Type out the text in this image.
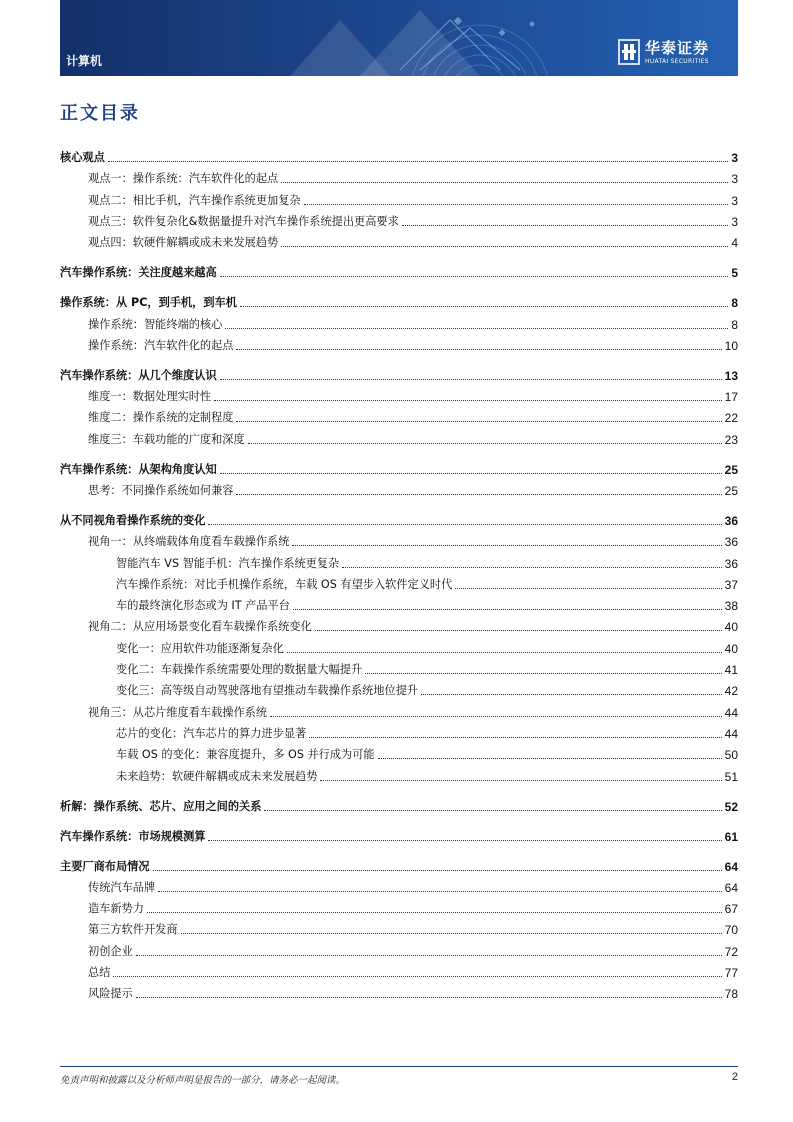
计算机
华泰证券
HUATAI SECURITIES
正文目录
核心观点	3
观点一：操作系统：汽车软件化的起点	3
观点二：相比手机，汽车操作系统更加复杂	3
观点三：软件复杂化&数据量提升对汽车操作系统提出更高要求	3
观点四：软硬件解耦或成未来发展趋势	4
汽车操作系统：关注度越来越高	5
操作系统：从 PC，到手机，到车机	8
操作系统：智能终端的核心	8
操作系统：汽车软件化的起点	10
汽车操作系统：从几个维度认识	13
维度一：数据处理实时性	17
维度二：操作系统的定制程度	22
维度三：车载功能的广度和深度	23
汽车操作系统：从架构角度认知	25
思考：不同操作系统如何兼容	25
从不同视角看操作系统的变化	36
视角一：从终端载体角度看车载操作系统	36
智能汽车 VS 智能手机：汽车操作系统更复杂	36
汽车操作系统：对比手机操作系统，车载 OS 有望步入软件定义时代	37
车的最终演化形态或为 IT 产品平台	38
视角二：从应用场景变化看车载操作系统变化	40
变化一：应用软件功能逐渐复杂化	40
变化二：车载操作系统需要处理的数据量大幅提升	41
变化三：高等级自动驾驶落地有望推动车载操作系统地位提升	42
视角三：从芯片维度看车载操作系统	44
芯片的变化：汽车芯片的算力进步显著	44
车载 OS 的变化：兼容度提升，多 OS 并行成为可能	50
未来趋势：软硬件解耦或成未来发展趋势	51
析解：操作系统、芯片、应用之间的关系	52
汽车操作系统：市场规模测算	61
主要厂商布局情况	64
传统汽车品牌	64
造车新势力	67
第三方软件开发商	70
初创企业	72
总结	77
风险提示	78
免责声明和披露以及分析师声明是报告的一部分，请务必一起阅读。	2
